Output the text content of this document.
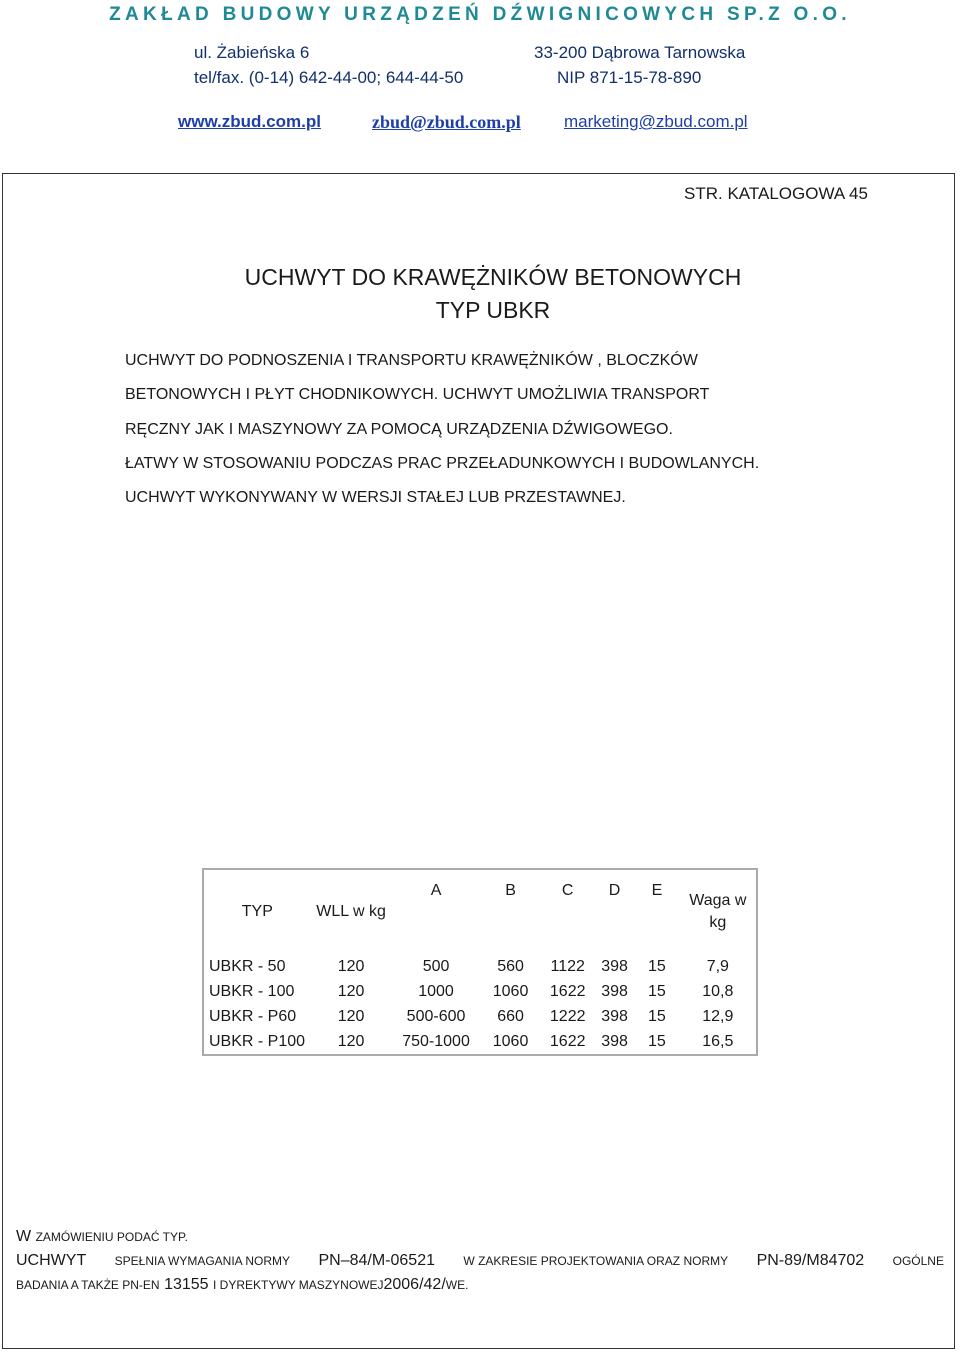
ZAKŁAD BUDOWY URZĄDZEŃ DŹWIGNICOWYCH SP.Z O.O.
ul. Żabieńska 6	33-200 Dąbrowa Tarnowska
tel/fax. (0-14) 642-44-00; 644-44-50	NIP 871-15-78-890
www.zbud.com.pl	zbud@zbud.com.pl	marketing@zbud.com.pl
STR. KATALOGOWA 45
UCHWYT DO KRAWĘŻNIKÓW BETONOWYCH
TYP UBKR
UCHWYT DO PODNOSZENIA I TRANSPORTU KRAWĘŻNIKÓW , BLOCZKÓW
BETONOWYCH I PŁYT CHODNIKOWYCH. UCHWYT UMOŻLIWIA TRANSPORT
RĘCZNY JAK I MASZYNOWY ZA POMOCĄ URZĄDZENIA DŹWIGOWEGO.
ŁATWY W STOSOWANIU PODCZAS PRAC PRZEŁADUNKOWYCH I BUDOWLANYCH.
UCHWYT WYKONYWANY W WERSJI STAŁEJ LUB PRZESTAWNEJ.
TYP	WLL w kg	A	B	C	D	E	Waga w kg
UBKR - 50	120	500	560	1122	398	15	7,9
UBKR - 100	120	1000	1060	1622	398	15	10,8
UBKR - P60	120	500-600	660	1222	398	15	12,9
UBKR - P100	120	750-1000	1060	1622	398	15	16,5
W ZAMÓWIENIU PODAĆ TYP.
UCHWYT SPEŁNIA WYMAGANIA NORMY PN–84/M-06521 W ZAKRESIE PROJEKTOWANIA ORAZ NORMY PN-89/M84702 OGÓLNE
BADANIA A TAKŻE PN-EN 13155 I DYREKTYWY MASZYNOWEJ2006/42/WE.
